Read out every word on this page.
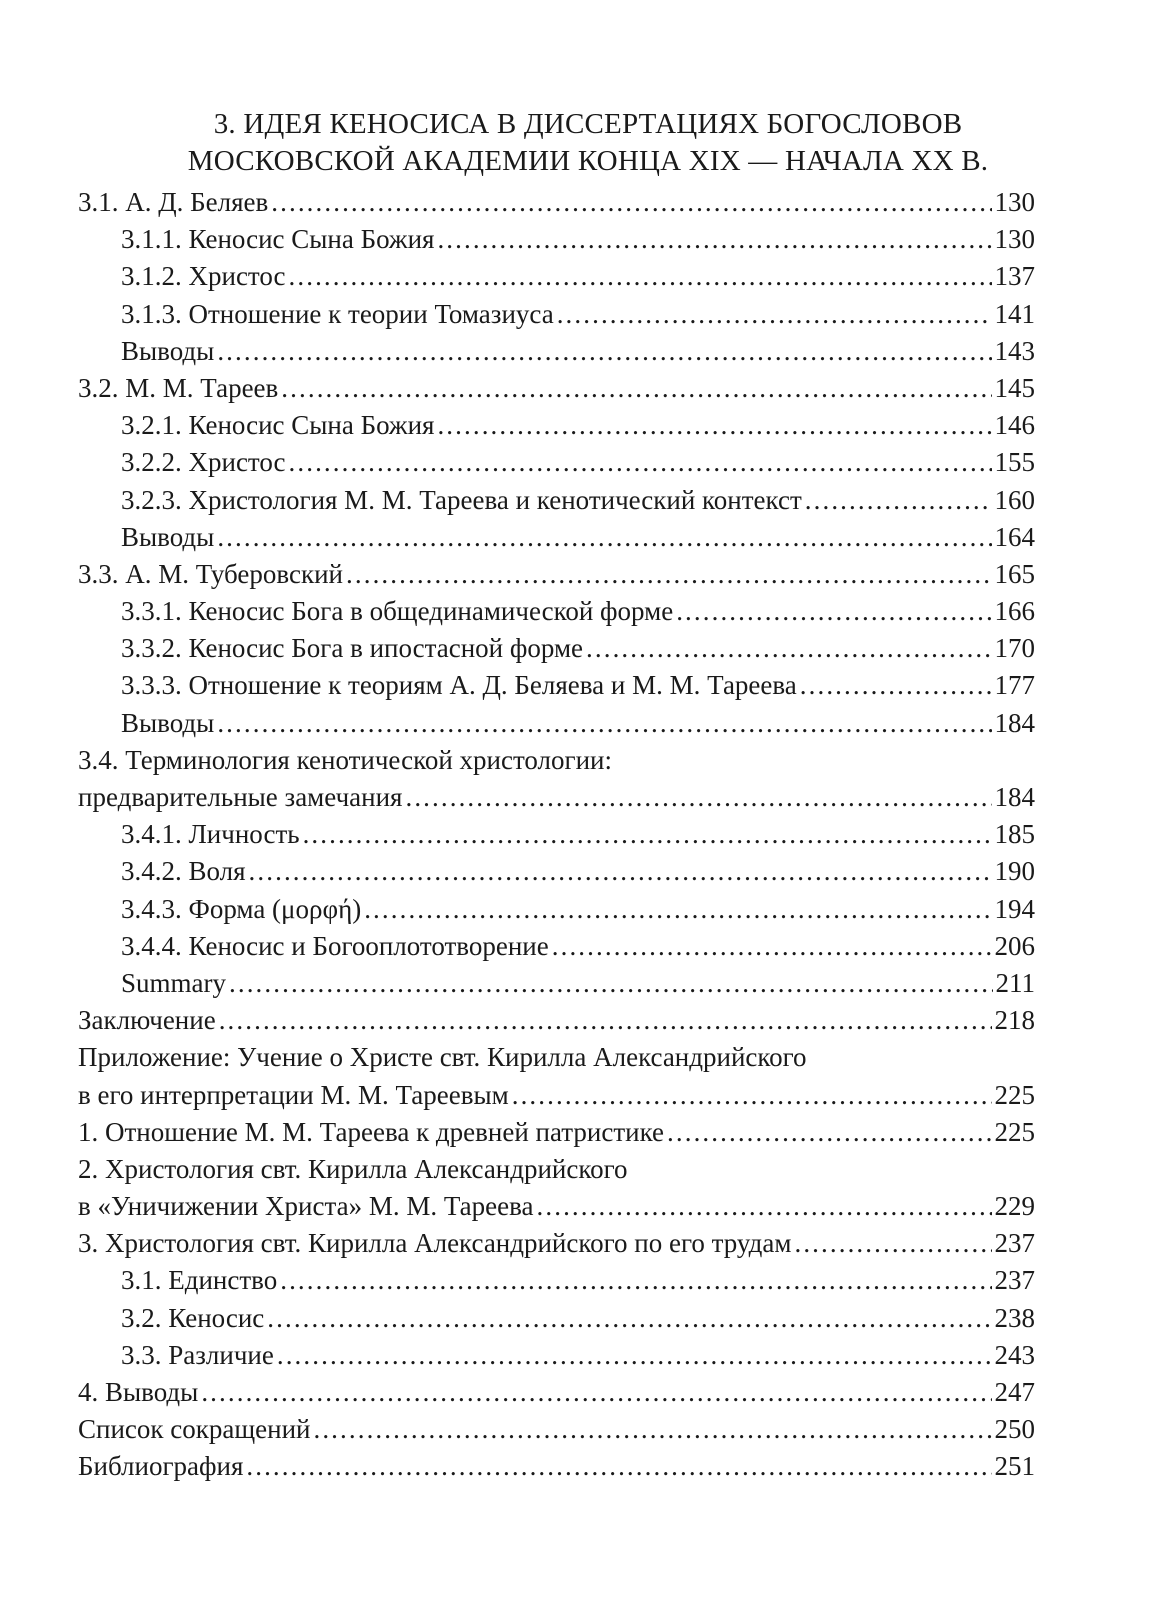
3. ИДЕЯ КЕНОСИСА В ДИССЕРТАЦИЯХ БОГОСЛОВОВ
МОСКОВСКОЙ АКАДЕМИИ КОНЦА XIX — НАЧАЛА XX В.
3.1. А. Д. Беляев .....	130
3.1.1. Кеносис Сына Божия .....	130
3.1.2. Христос .....	137
3.1.3. Отношение к теории Томазиуса .....	141
Выводы .....	143
3.2. М. М. Тареев .....	145
3.2.1. Кеносис Сына Божия .....	146
3.2.2. Христос .....	155
3.2.3. Христология М. М. Тареева и кенотический контекст .....	160
Выводы .....	164
3.3. А. М. Туберовский .....	165
3.3.1. Кеносис Бога в общединамической форме .....	166
3.3.2. Кеносис Бога в ипостасной форме .....	170
3.3.3. Отношение к теориям А. Д. Беляева и М. М. Тареева .....	177
Выводы .....	184
3.4. Терминология кенотической христологии:
предварительные замечания .....	184
3.4.1. Личность .....	185
3.4.2. Воля .....	190
3.4.3. Форма (μορφή) .....	194
3.4.4. Кеносис и Богооплототворение .....	206
Summary .....	211
Заключение .....	218
Приложение: Учение о Христе свт. Кирилла Александрийского
в его интерпретации М. М. Тареевым .....	225
1. Отношение М. М. Тареева к древней патристике .....	225
2. Христология свт. Кирилла Александрийского
в «Уничижении Христа» М. М. Тареева .....	229
3. Христология свт. Кирилла Александрийского по его трудам .....	237
3.1. Единство .....	237
3.2. Кеносис .....	238
3.3. Различие .....	243
4. Выводы .....	247
Список сокращений .....	250
Библиография .....	251
